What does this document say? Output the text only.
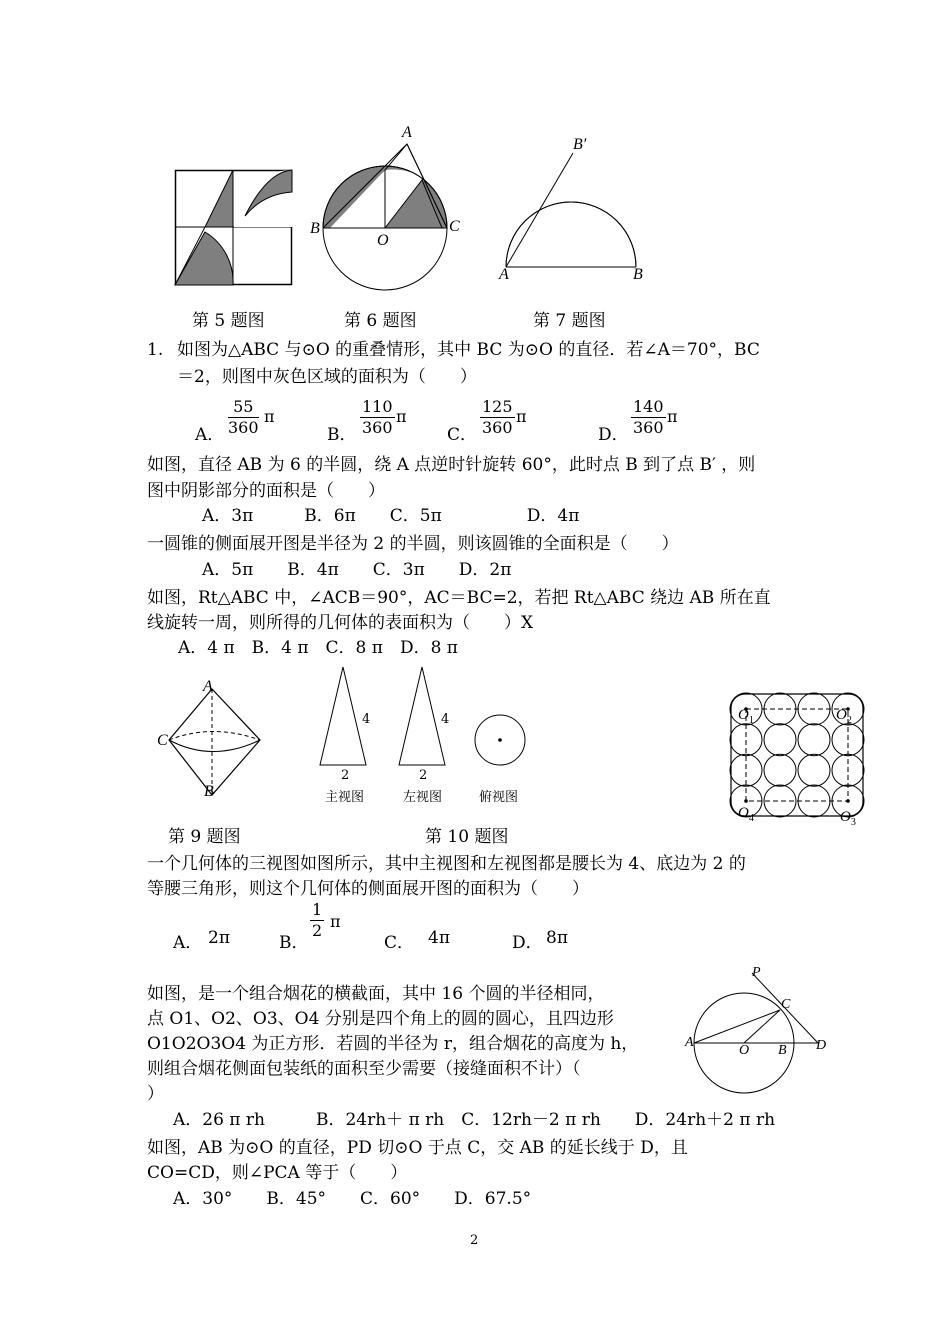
A
B	C
O
B′
A	B
第 5 题图	第 6 题图	第 7 题图
1. 如图为△ABC 与⊙O 的重叠情形，其中 BC 为⊙O 的直径．若∠A＝70°，BC
＝2，则图中灰色区域的面积为（　　）
A． $\frac{55}{360}$ π
B． $\frac{110}{360}$ π
C． $\frac{125}{360}$ π
D． $\frac{140}{360}$ π
如图，直径 AB 为 6 的半圆，绕 A 点逆时针旋转 60°，此时点 B 到了点 B′ ，则
图中阴影部分的面积是（　　）
A．3π　　　B．6π　　C．5π　　　　　D．4π
一圆锥的侧面展开图是半径为 2 的半圆，则该圆锥的全面积是（　　）
A．5π　　B．4π　　C．3π　　D．2π
如图，Rt△ABC 中，∠ACB＝90°，AC＝BC=2，若把 Rt△ABC 绕边 AB 所在直
线旋转一周，则所得的几何体的表面积为（　　）X
A．4 π　B．4 π　C．8 π　D．8 π
A
C
B
4	4
2	2
主视图	左视图	俯视图
$O_1$	$O_2$
$O_4$	$O_3$
第 9 题图	第 10 题图
一个几何体的三视图如图所示，其中主视图和左视图都是腰长为 4、底边为 2 的
等腰三角形，则这个几何体的侧面展开图的面积为（　　）
A． 2π	B．
$\frac{1}{2}$ π
C． 4π	D． 8π
如图，是一个组合烟花的横截面，其中 16 个圆的半径相同，
点 O1、O2、O3、O4 分别是四个角上的圆的圆心，且四边形
O1O2O3O4 为正方形．若圆的半径为 r，组合烟花的高度为 h，
则组合烟花侧面包装纸的面积至少需要（接缝面积不计）（
）
A．26 π rh　　　B．24rh＋ π rh　C．12rh－2 π rh　　D．24rh＋2 π rh
P
C
A
O B D
如图，AB 为⊙O 的直径，PD 切⊙O 于点 C，交 AB 的延长线于 D，且
CO=CD，则∠PCA 等于（　　）
A．30°　　B．45°　　C．60°　　D．67.5°
2
